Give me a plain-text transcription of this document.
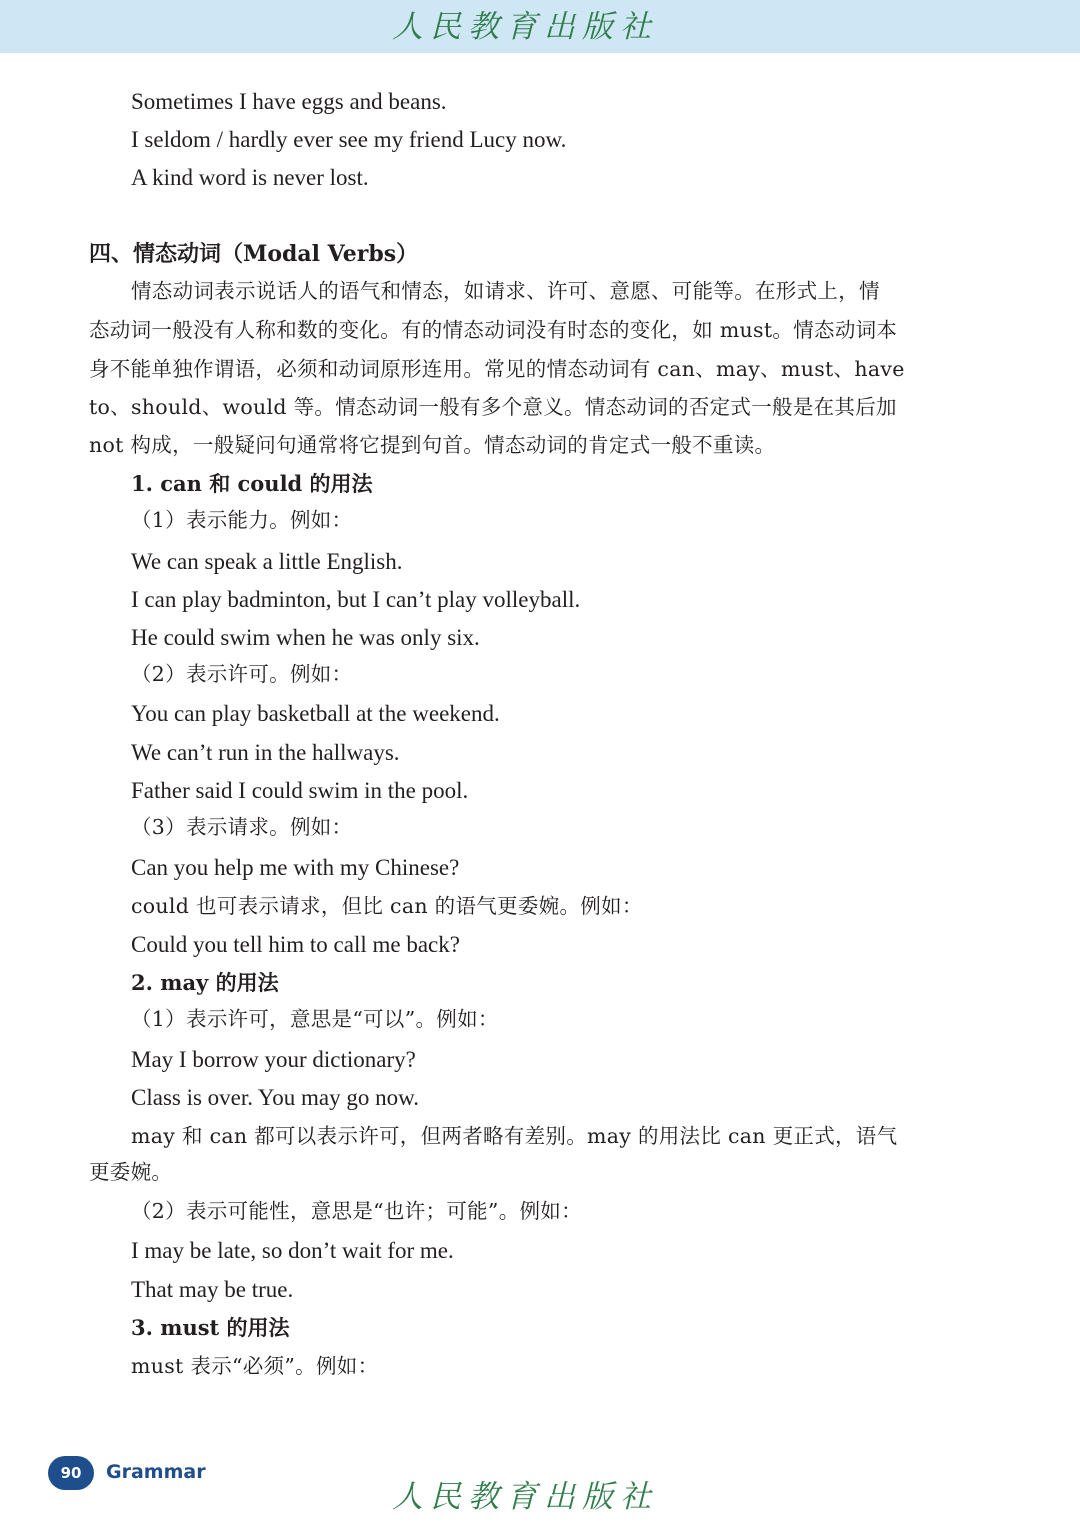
人民教育出版社
Sometimes I have eggs and beans.
I seldom / hardly ever see my friend Lucy now.
A kind word is never lost.
四、情态动词（Modal Verbs）
情态动词表示说话人的语气和情态，如请求、许可、意愿、可能等。在形式上，情
态动词一般没有人称和数的变化。有的情态动词没有时态的变化，如 must。情态动词本
身不能单独作谓语，必须和动词原形连用。常见的情态动词有 can、may、must、have
to、should、would 等。情态动词一般有多个意义。情态动词的否定式一般是在其后加
not 构成，一般疑问句通常将它提到句首。情态动词的肯定式一般不重读。
1. can 和 could 的用法
（1）表示能力。例如：
We can speak a little English.
I can play badminton, but I can’t play volleyball.
He could swim when he was only six.
（2）表示许可。例如：
You can play basketball at the weekend.
We can’t run in the hallways.
Father said I could swim in the pool.
（3）表示请求。例如：
Can you help me with my Chinese?
could 也可表示请求，但比 can 的语气更委婉。例如：
Could you tell him to call me back?
2. may 的用法
（1）表示许可，意思是“可以”。例如：
May I borrow your dictionary?
Class is over. You may go now.
may 和 can 都可以表示许可，但两者略有差别。may 的用法比 can 更正式，语气
更委婉。
（2）表示可能性，意思是“也许；可能”。例如：
I may be late, so don’t wait for me.
That may be true.
3. must 的用法
must 表示“必须”。例如：
90	Grammar
人民教育出版社
